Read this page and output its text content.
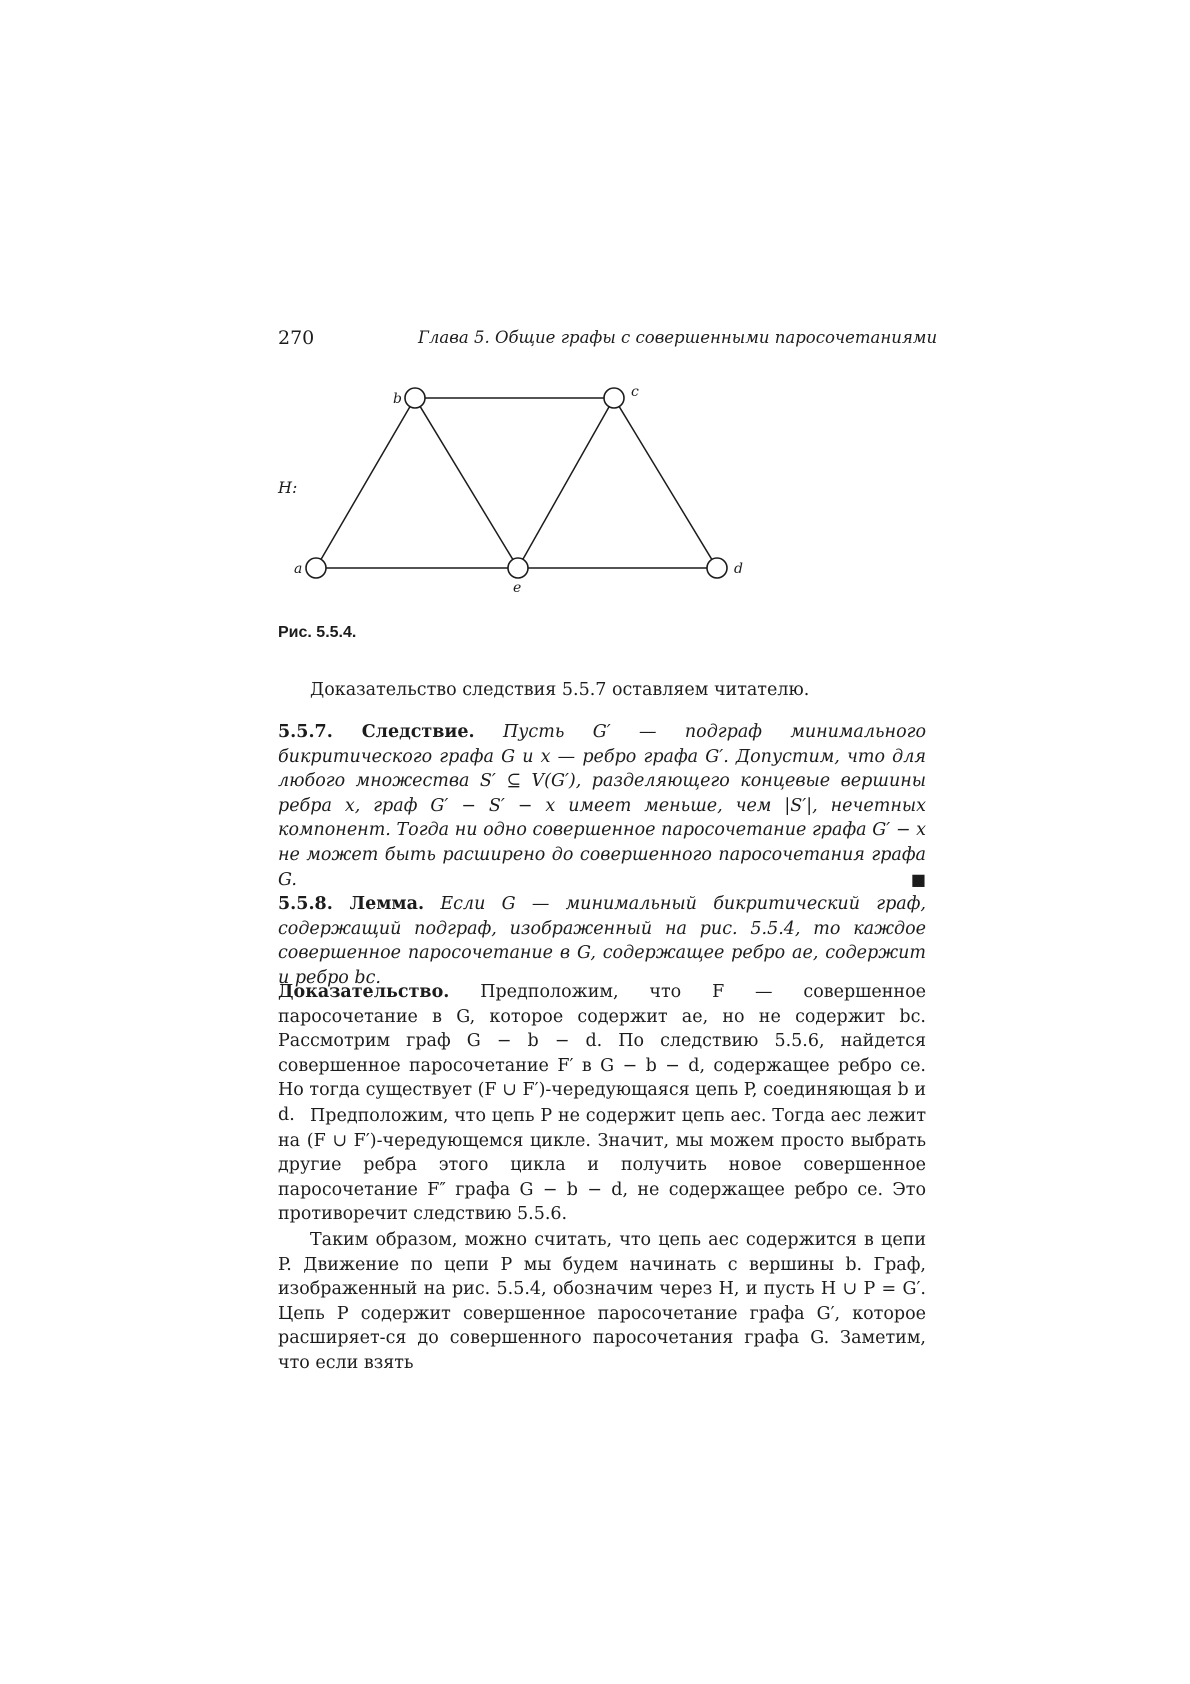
270	Глава 5. Общие графы с совершенными паросочетаниями
H:
a
b	c
d
e
Рис. 5.5.4.

Доказательство следствия 5.5.7 оставляем читателю.

5.5.7. Следствие. Пусть G′ — подграф минимального бикритического графа G и x — ребро графа G′. Допустим, что для любого множества S′ ⊆ V(G′), разделяющего концевые вершины ребра x, граф G′ − S′ − x имеет меньше, чем |S′|, нечетных компонент. Тогда ни одно совершенное паросочетание графа G′ − x не может быть расширено до совершенного паросочетания графа G.	■

5.5.8. Лемма. Если G — минимальный бикритический граф, содержащий подграф, изображенный на рис. 5.5.4, то каждое совершенное паросочетание в G, содержащее ребро ae, содержит и ребро bc.

Доказательство. Предположим, что F — совершенное паросочетание в G, которое содержит ae, но не содержит bc. Рассмотрим граф G − b − d. По следствию 5.5.6, найдется совершенное паросочетание F′ в G − b − d, содержащее ребро ce. Но тогда существует (F ∪ F′)-чередующаяся цепь P, соединяющая b и d. Предположим, что цепь P не содержит цепь aec. Тогда aec лежит на (F ∪ F′)-чередующемся цикле. Значит, мы можем просто выбрать другие ребра этого цикла и получить новое совершенное паросочетание F″ графа G − b − d, не содержащее ребро ce. Это противоречит следствию 5.5.6.

Таким образом, можно считать, что цепь aec содержится в цепи P. Движение по цепи P мы будем начинать с вершины b. Граф, изображенный на рис. 5.5.4, обозначим через H, и пусть H ∪ P = G′. Цепь P содержит совершенное паросочетание графа G′, которое расширяет-ся до совершенного паросочетания графа G. Заметим, что если взять
